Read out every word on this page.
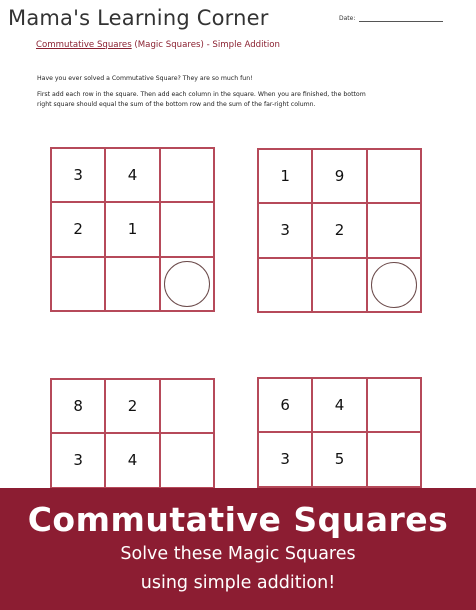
Mama's Learning Corner	Date:
Commutative Squares (Magic Squares) - Simple Addition
Have you ever solved a Commutative Square? They are so much fun!
First add each row in the square. Then add each column in the square. When you are finished, the bottom
right square should equal the sum of the bottom row and the sum of the far-right column.
3	4
2	1
1	9
3	2
8	2
3	4
6	4
3	5
Commutative Squares
Solve these Magic Squares
using simple addition!
